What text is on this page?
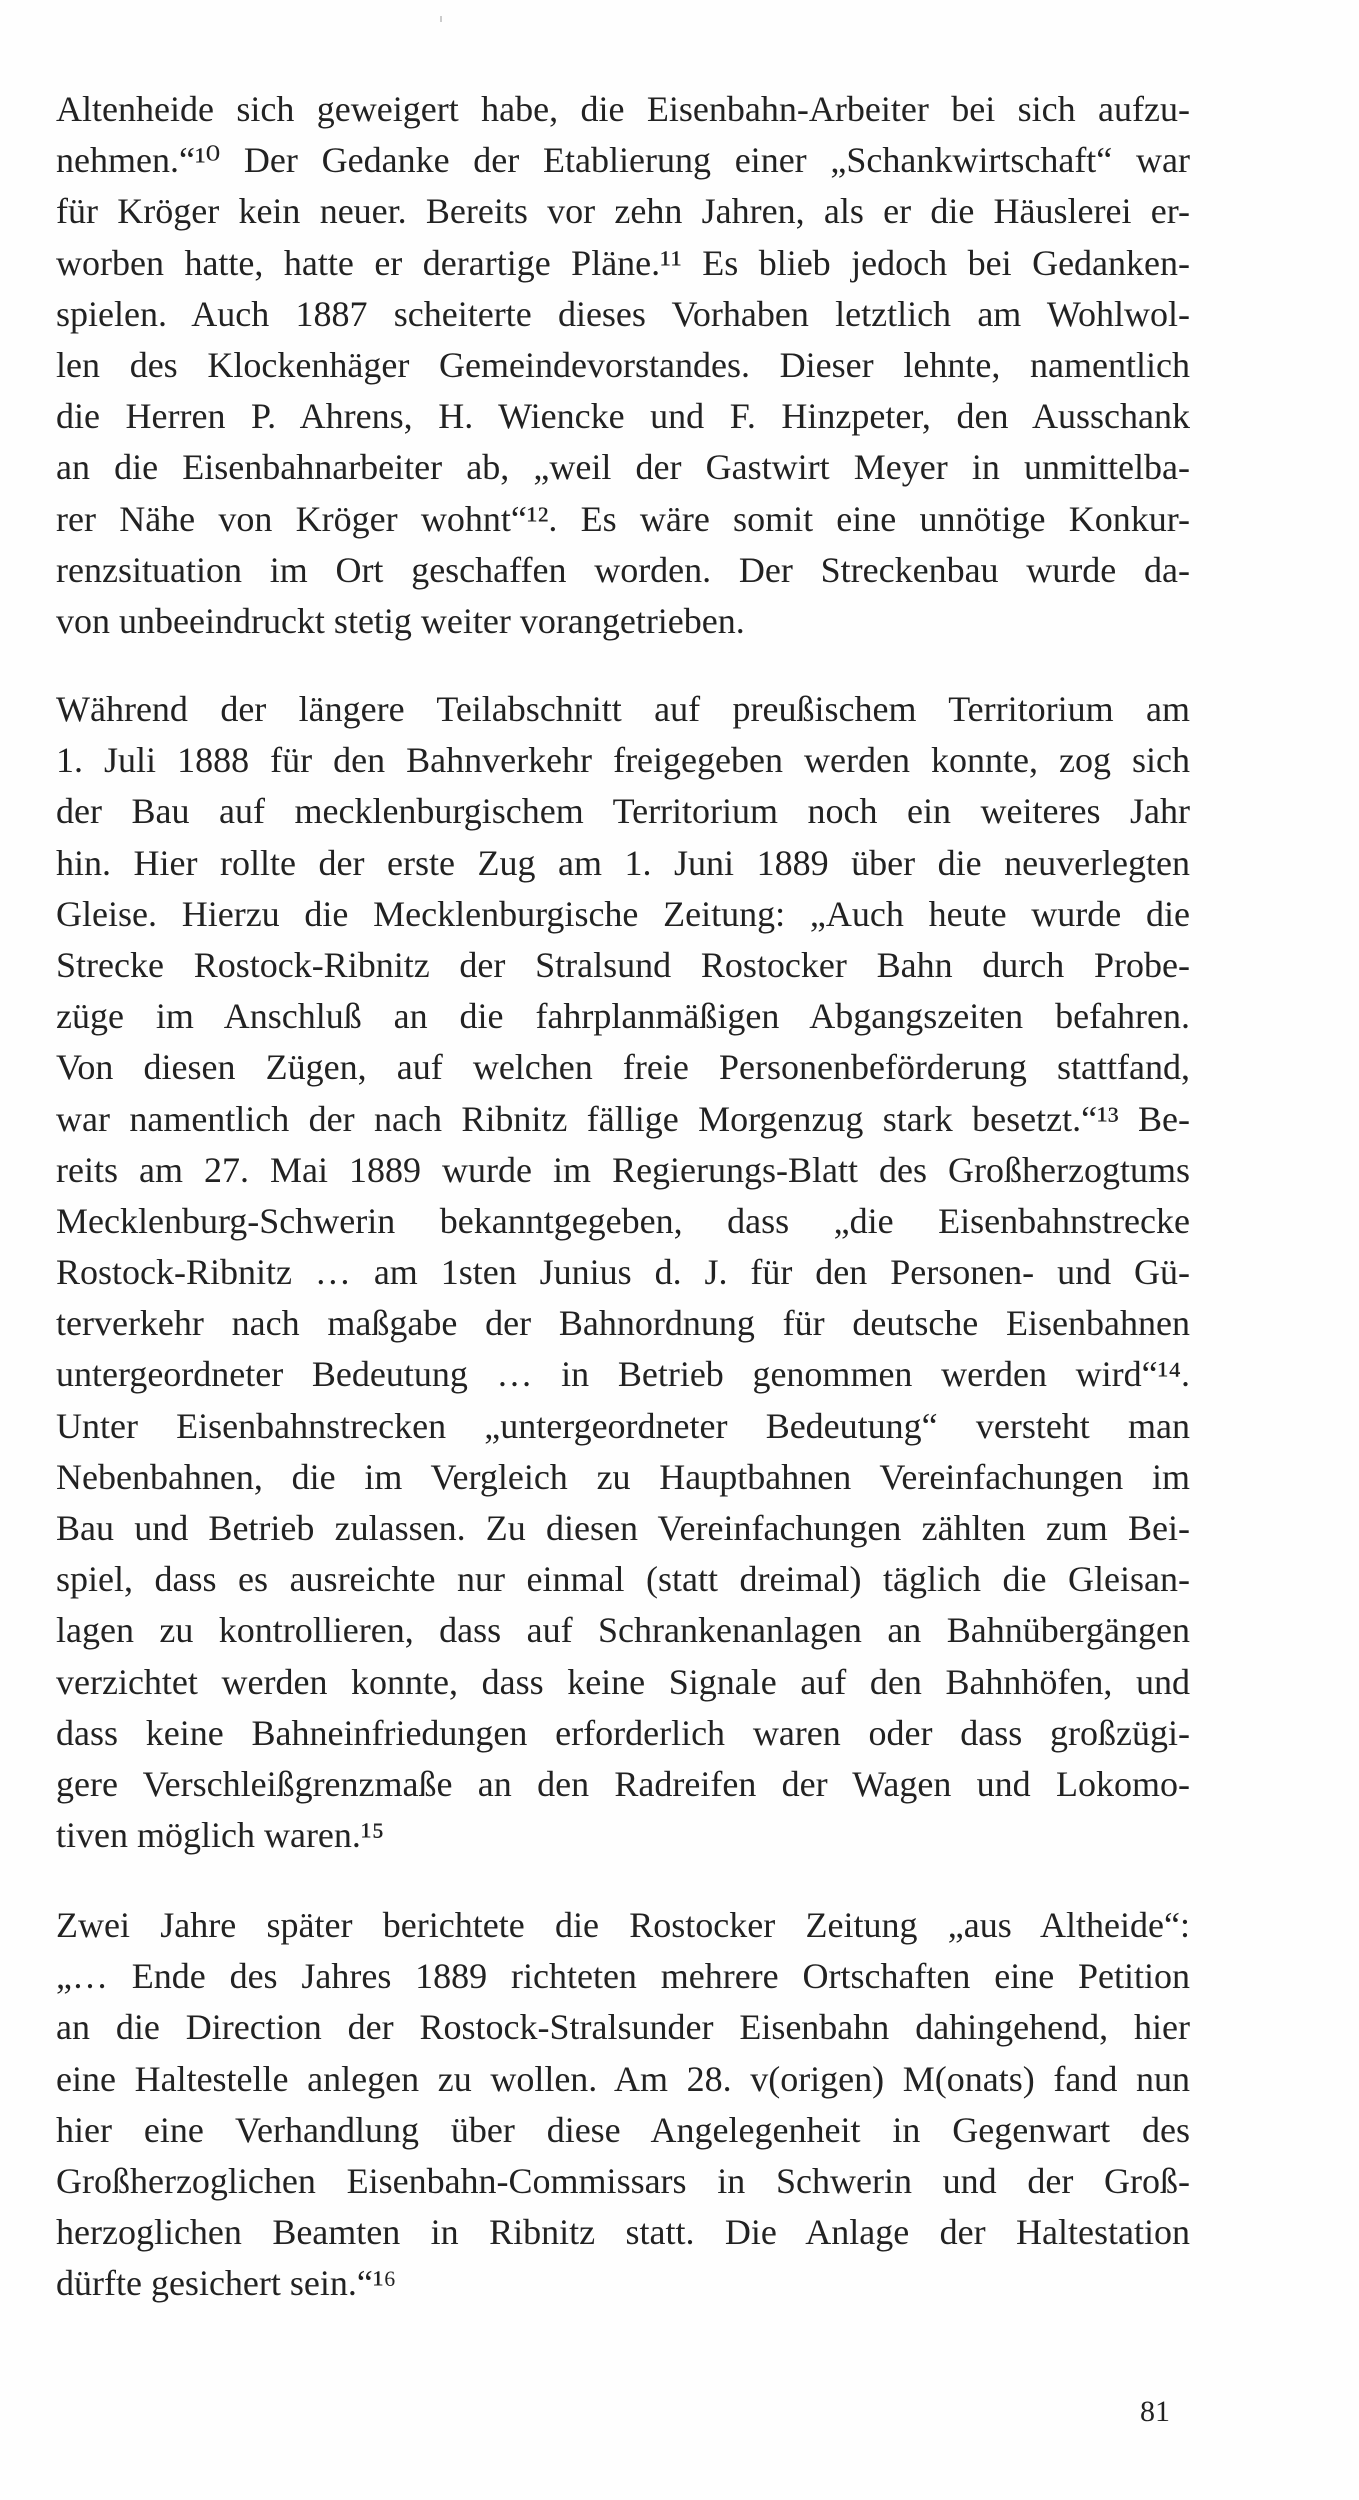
Altenheide sich geweigert habe, die Eisenbahn-Arbeiter bei sich aufzu-
nehmen.“¹⁰ Der Gedanke der Etablierung einer „Schankwirtschaft“ war
für Kröger kein neuer. Bereits vor zehn Jahren, als er die Häuslerei er-
worben hatte, hatte er derartige Pläne.¹¹ Es blieb jedoch bei Gedanken-
spielen. Auch 1887 scheiterte dieses Vorhaben letztlich am Wohlwol-
len des Klockenhäger Gemeindevorstandes. Dieser lehnte, namentlich
die Herren P. Ahrens, H. Wiencke und F. Hinzpeter, den Ausschank
an die Eisenbahnarbeiter ab, „weil der Gastwirt Meyer in unmittelba-
rer Nähe von Kröger wohnt“¹². Es wäre somit eine unnötige Konkur-
renzsituation im Ort geschaffen worden. Der Streckenbau wurde da-
von unbeeindruckt stetig weiter vorangetrieben.
Während der längere Teilabschnitt auf preußischem Territorium am
1. Juli 1888 für den Bahnverkehr freigegeben werden konnte, zog sich
der Bau auf mecklenburgischem Territorium noch ein weiteres Jahr
hin. Hier rollte der erste Zug am 1. Juni 1889 über die neuverlegten
Gleise. Hierzu die Mecklenburgische Zeitung: „Auch heute wurde die
Strecke Rostock-Ribnitz der Stralsund Rostocker Bahn durch Probe-
züge im Anschluß an die fahrplanmäßigen Abgangszeiten befahren.
Von diesen Zügen, auf welchen freie Personenbeförderung stattfand,
war namentlich der nach Ribnitz fällige Morgenzug stark besetzt.“¹³ Be-
reits am 27. Mai 1889 wurde im Regierungs-Blatt des Großherzogtums
Mecklenburg-Schwerin bekanntgegeben, dass „die Eisenbahnstrecke
Rostock-Ribnitz … am 1sten Junius d. J. für den Personen- und Gü-
terverkehr nach maßgabe der Bahnordnung für deutsche Eisenbahnen
untergeordneter Bedeutung … in Betrieb genommen werden wird“¹⁴.
Unter Eisenbahnstrecken „untergeordneter Bedeutung“ versteht man
Nebenbahnen, die im Vergleich zu Hauptbahnen Vereinfachungen im
Bau und Betrieb zulassen. Zu diesen Vereinfachungen zählten zum Bei-
spiel, dass es ausreichte nur einmal (statt dreimal) täglich die Gleisan-
lagen zu kontrollieren, dass auf Schrankenanlagen an Bahnübergängen
verzichtet werden konnte, dass keine Signale auf den Bahnhöfen, und
dass keine Bahneinfriedungen erforderlich waren oder dass großzügi-
gere Verschleißgrenzmaße an den Radreifen der Wagen und Lokomo-
tiven möglich waren.¹⁵
Zwei Jahre später berichtete die Rostocker Zeitung „aus Altheide“:
„… Ende des Jahres 1889 richteten mehrere Ortschaften eine Petition
an die Direction der Rostock-Stralsunder Eisenbahn dahingehend, hier
eine Haltestelle anlegen zu wollen. Am 28. v(origen) M(onats) fand nun
hier eine Verhandlung über diese Angelegenheit in Gegenwart des
Großherzoglichen Eisenbahn-Commissars in Schwerin und der Groß-
herzoglichen Beamten in Ribnitz statt. Die Anlage der Haltestation
dürfte gesichert sein.“¹⁶
81
